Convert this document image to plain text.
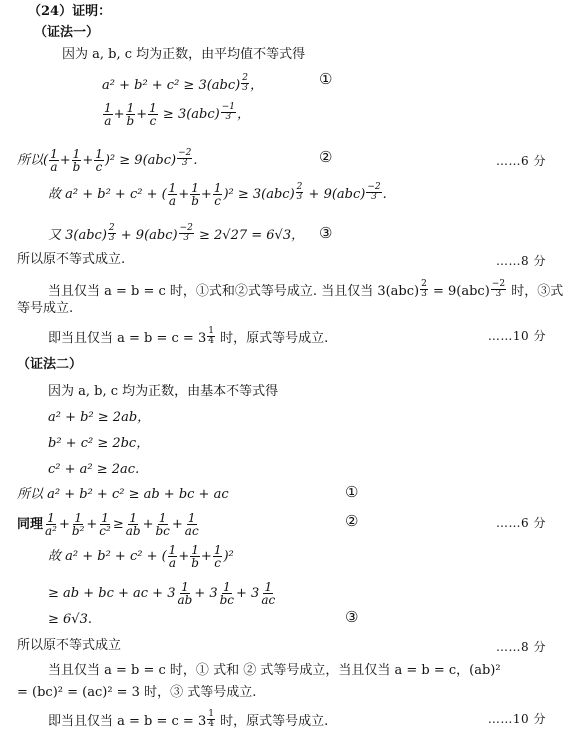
（24）证明：
（证法一）
因为 a, b, c 均为正数，由平均值不等式得
$a^2 + b^2 + c^2 \ge 3(abc) \frac{2}{3}$ ，	①
$\frac{1}{a} + \frac{1}{b} + \frac{1}{c} \ge 3(abc) \frac{-1}{3}$ ，
所以( $\frac{1}{a} + \frac{1}{b} + \frac{1}{c} )^2 \ge 9(abc) \frac{-2}{3}$ .	②	……6 分
故 a² + b² + c² + ( $\frac{1}{a} + \frac{1}{b} + \frac{1}{c} )^2 \ge 3(abc) \frac{2}{3} + 9(abc) \frac{-2}{3}$ .
又 $3(abc) \frac{2}{3} + 9(abc) \frac{-2}{3} \ge 2√27 = 6√3$， ③
所以原不等式成立.	……8 分
当且仅当 a = b = c 时，①式和②式等号成立. 当且仅当 $3(abc) \frac{2}{3} = 9(abc) \frac{-2}{3}$ 时，③式
等号成立.
即当且仅当 $a = b = c = 3 \frac{1}{4}$ 时，原式等号成立.	……10 分
（证法二）
因为 a, b, c 均为正数，由基本不等式得
a² + b² ≥ 2ab，
b² + c² ≥ 2bc，
c² + a² ≥ 2ac.
所以 a² + b² + c² ≥ ab + bc + ac	①
同理 $\frac{1}{\text{a²}} + \frac{1}{\text{b²}} + \frac{1}{\text{c²}} \ge \frac{1}{ab} + \frac{1}{bc} + \frac{1}{ac}$	②	……6 分
故 a² + b² + c² + ( $\frac{1}{a} + \frac{1}{b} + \frac{1}{c} )^2$
≥ ab + bc + ac + $3 \frac{1}{ab} + 3 \frac{1}{bc} + 3 \frac{1}{ac}$
≥ 6√3.	③
所以原不等式成立	……8 分
当且仅当 a = b = c 时，① 式和 ② 式等号成立，当且仅当 a = b = c，(ab)²
= (bc)² = (ac)² = 3 时，③ 式等号成立.
即当且仅当 $a = b = c = 3 \frac{1}{4}$ 时，原式等号成立.	……10 分
